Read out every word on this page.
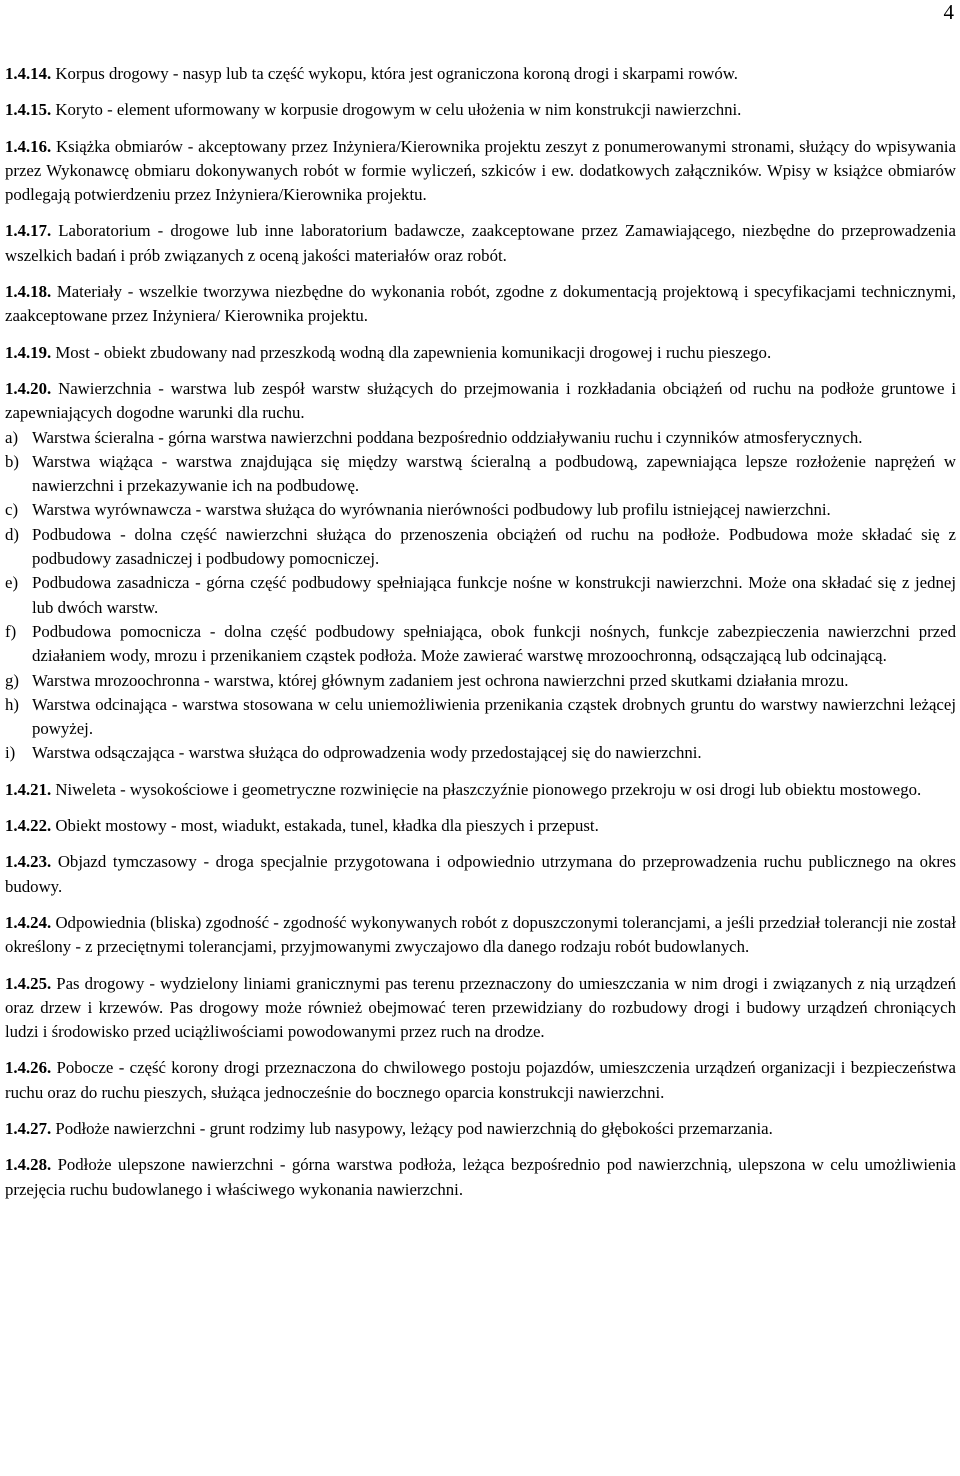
4

1.4.14. Korpus drogowy - nasyp lub ta część wykopu, która jest ograniczona koroną drogi i skarpami rowów.

1.4.15. Koryto - element uformowany w korpusie drogowym w celu ułożenia w nim konstrukcji nawierzchni.

1.4.16. Książka obmiarów - akceptowany przez Inżyniera/Kierownika projektu zeszyt z ponumerowanymi stronami, służący do wpisywania przez Wykonawcę obmiaru dokonywanych robót w formie wyliczeń, szkiców i ew. dodatkowych załączników. Wpisy w książce obmiarów podlegają potwierdzeniu przez Inżyniera/Kierownika projektu.

1.4.17. Laboratorium - drogowe lub inne laboratorium badawcze, zaakceptowane przez Zamawiającego, niezbędne do przeprowadzenia wszelkich badań i prób związanych z oceną jakości materiałów oraz robót.

1.4.18. Materiały - wszelkie tworzywa niezbędne do wykonania robót, zgodne z dokumentacją projektową i specyfikacjami technicznymi, zaakceptowane przez Inżyniera/ Kierownika projektu.

1.4.19. Most - obiekt zbudowany nad przeszkodą wodną dla zapewnienia komunikacji drogowej i ruchu pieszego.

1.4.20. Nawierzchnia - warstwa lub zespół warstw służących do przejmowania i rozkładania obciążeń od ruchu na podłoże gruntowe i zapewniających dogodne warunki dla ruchu.

a) Warstwa ścieralna - górna warstwa nawierzchni poddana bezpośrednio oddziaływaniu ruchu i czynników atmosferycznych.

b) Warstwa wiążąca - warstwa znajdująca się między warstwą ścieralną a podbudową, zapewniająca lepsze rozłożenie naprężeń w nawierzchni i przekazywanie ich na podbudowę.

c) Warstwa wyrównawcza - warstwa służąca do wyrównania nierówności podbudowy lub profilu istniejącej nawierzchni.

d) Podbudowa - dolna część nawierzchni służąca do przenoszenia obciążeń od ruchu na podłoże. Podbudowa może składać się z podbudowy zasadniczej i podbudowy pomocniczej.

e) Podbudowa zasadnicza - górna część podbudowy spełniająca funkcje nośne w konstrukcji nawierzchni. Może ona składać się z jednej lub dwóch warstw.

f) Podbudowa pomocnicza - dolna część podbudowy spełniająca, obok funkcji nośnych, funkcje zabezpieczenia nawierzchni przed działaniem wody, mrozu i przenikaniem cząstek podłoża. Może zawierać warstwę mrozoochronną, odsączającą lub odcinającą.

g) Warstwa mrozoochronna - warstwa, której głównym zadaniem jest ochrona nawierzchni przed skutkami działania mrozu.

h) Warstwa odcinająca - warstwa stosowana w celu uniemożliwienia przenikania cząstek drobnych gruntu do warstwy nawierzchni leżącej powyżej.

i) Warstwa odsączająca - warstwa służąca do odprowadzenia wody przedostającej się do nawierzchni.

1.4.21. Niweleta - wysokościowe i geometryczne rozwinięcie na płaszczyźnie pionowego przekroju w osi drogi lub obiektu mostowego.

1.4.22. Obiekt mostowy - most, wiadukt, estakada, tunel, kładka dla pieszych i przepust.

1.4.23. Objazd tymczasowy - droga specjalnie przygotowana i odpowiednio utrzymana do przeprowadzenia ruchu publicznego na okres budowy.

1.4.24. Odpowiednia (bliska) zgodność - zgodność wykonywanych robót z dopuszczonymi tolerancjami, a jeśli przedział tolerancji nie został określony - z przeciętnymi tolerancjami, przyjmowanymi zwyczajowo dla danego rodzaju robót budowlanych.

1.4.25. Pas drogowy - wydzielony liniami granicznymi pas terenu przeznaczony do umieszczania w nim drogi i związanych z nią urządzeń oraz drzew i krzewów. Pas drogowy może również obejmować teren przewidziany do rozbudowy drogi i budowy urządzeń chroniących ludzi i środowisko przed uciążliwościami powodowanymi przez ruch na drodze.

1.4.26. Pobocze - część korony drogi przeznaczona do chwilowego postoju pojazdów, umieszczenia urządzeń organizacji i bezpieczeństwa ruchu oraz do ruchu pieszych, służąca jednocześnie do bocznego oparcia konstrukcji nawierzchni.

1.4.27. Podłoże nawierzchni - grunt rodzimy lub nasypowy, leżący pod nawierzchnią do głębokości przemarzania.

1.4.28. Podłoże ulepszone nawierzchni - górna warstwa podłoża, leżąca bezpośrednio pod nawierzchnią, ulepszona w celu umożliwienia przejęcia ruchu budowlanego i właściwego wykonania nawierzchni.
